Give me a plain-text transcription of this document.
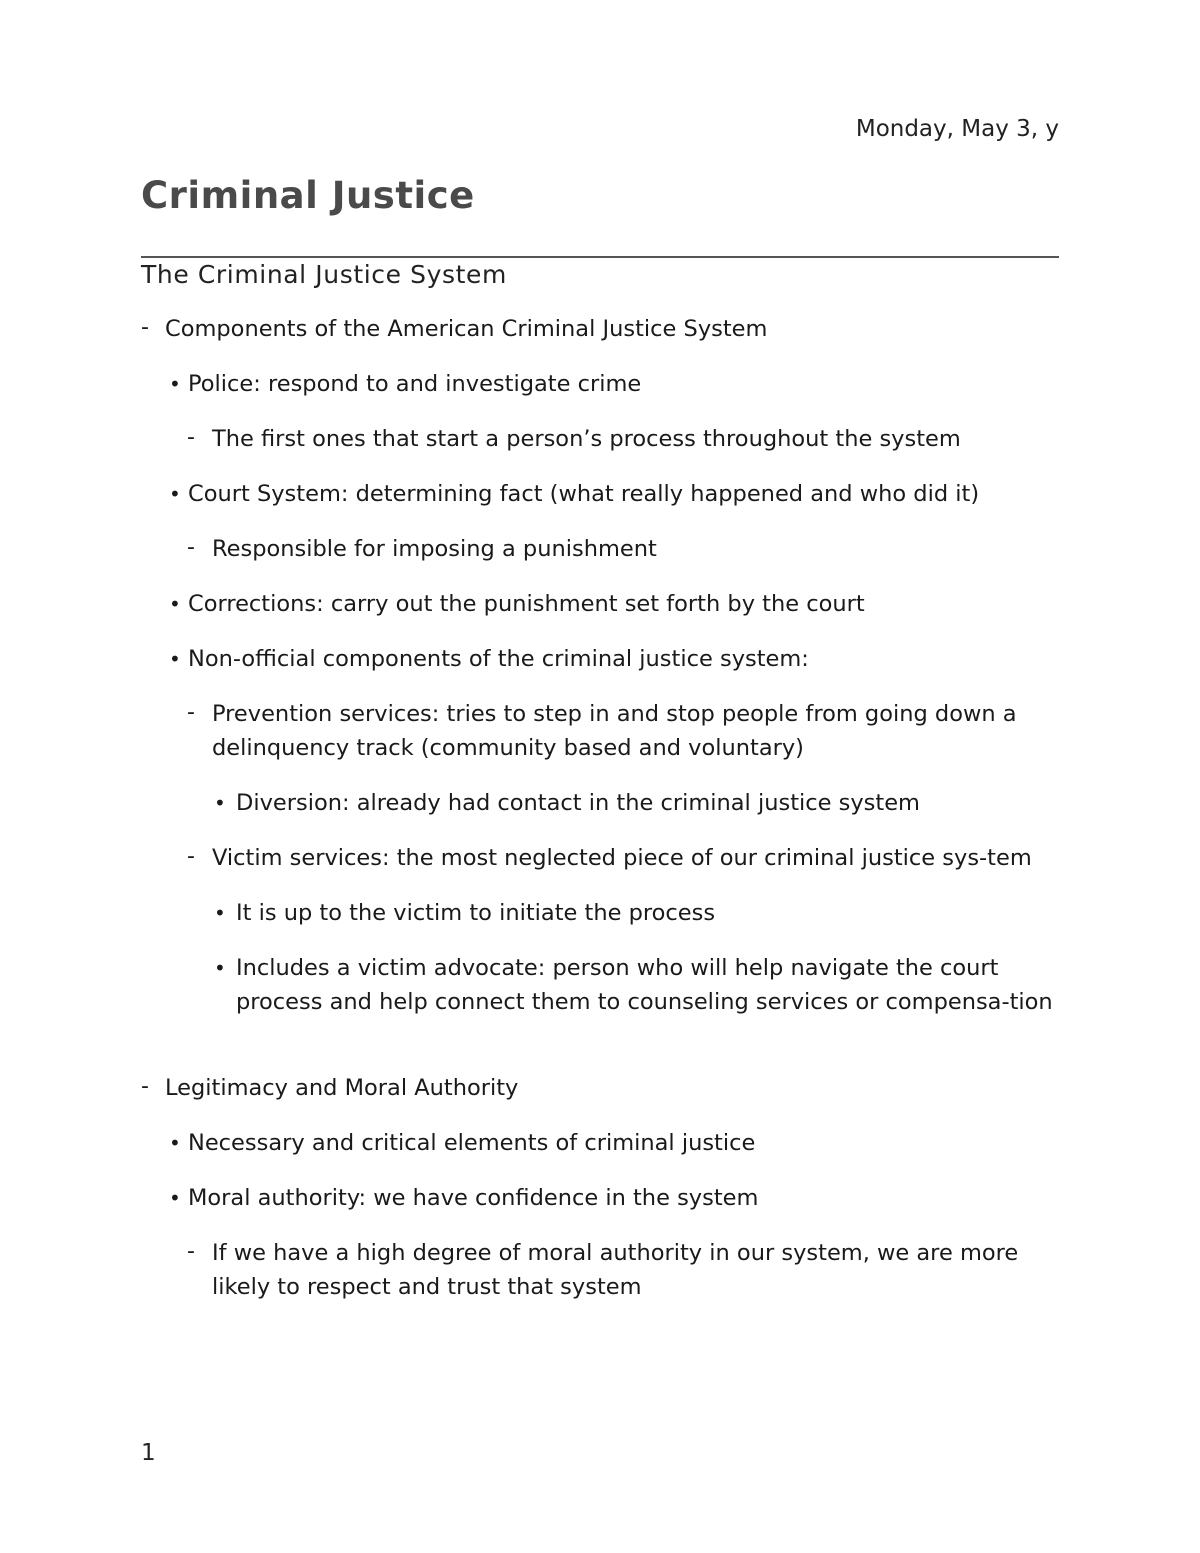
Monday, May 3, y
Criminal Justice
The Criminal Justice System
- Components of the American Criminal Justice System
• Police: respond to and investigate crime
- The first ones that start a person’s process throughout the system
• Court System: determining fact (what really happened and who did it)
- Responsible for imposing a punishment
• Corrections: carry out the punishment set forth by the court
• Non-official components of the criminal justice system:
- Prevention services: tries to step in and stop people from going down a delinquency track (community based and voluntary)
• Diversion: already had contact in the criminal justice system
- Victim services: the most neglected piece of our criminal justice sys-tem
• It is up to the victim to initiate the process
• Includes a victim advocate: person who will help navigate the court process and help connect them to counseling services or compensa-tion
- Legitimacy and Moral Authority
• Necessary and critical elements of criminal justice
• Moral authority: we have confidence in the system
- If we have a high degree of moral authority in our system, we are more likely to respect and trust that system
1
